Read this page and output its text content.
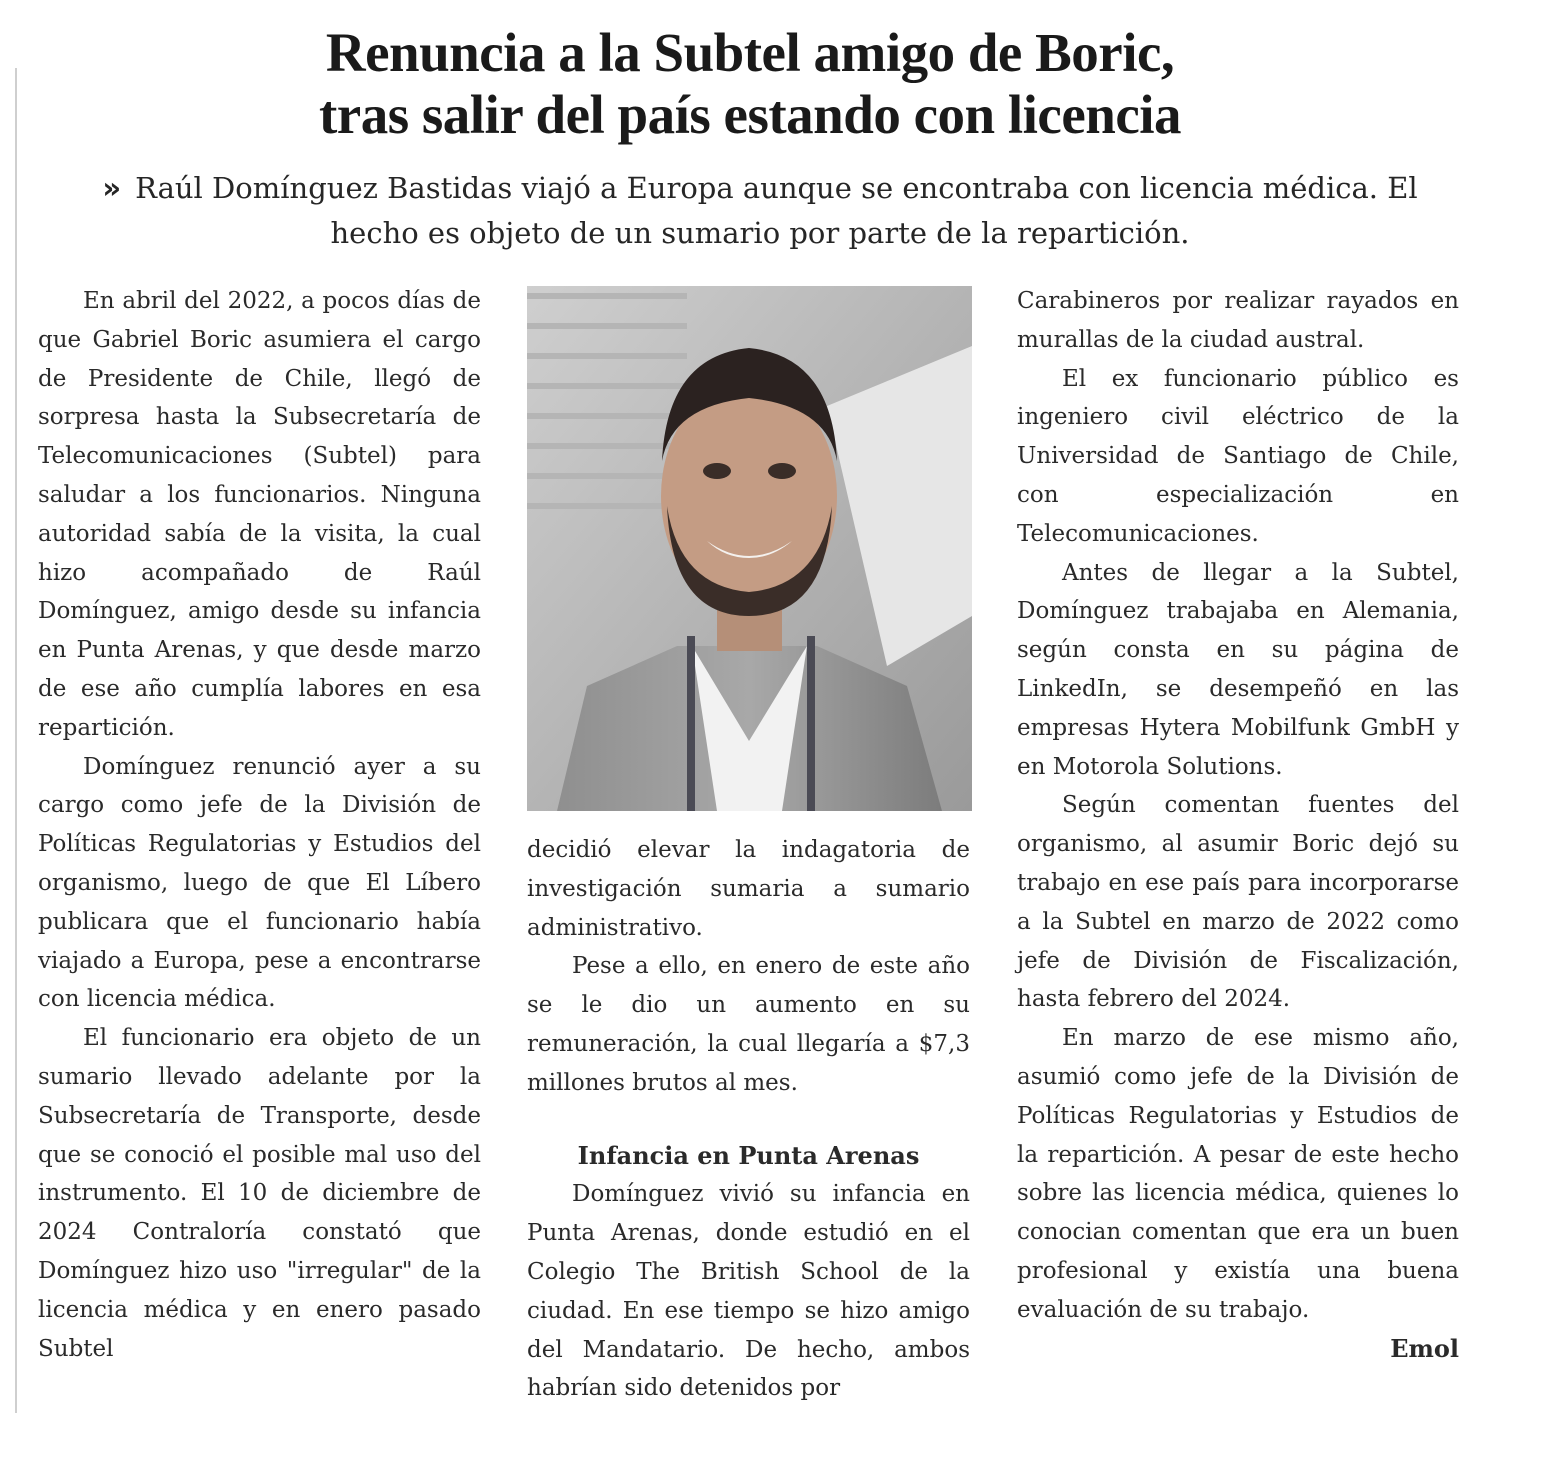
Renuncia a la Subtel amigo de Boric,
tras salir del país estando con licencia
» Raúl Domínguez Bastidas viajó a Europa aunque se encontraba con licencia médica. El hecho es objeto de un sumario por parte de la repartición.

En abril del 2022, a pocos días de que Gabriel Boric asumiera el cargo de Presidente de Chile, llegó de sorpresa hasta la Subsecretaría de Telecomunicaciones (Subtel) para saludar a los funcionarios. Ninguna autoridad sabía de la visita, la cual hizo acompañado de Raúl Domínguez, amigo desde su infancia en Punta Arenas, y que desde marzo de ese año cumplía labores en esa repartición.

Domínguez renunció ayer a su cargo como jefe de la División de Políticas Regulatorias y Estudios del organismo, luego de que El Líbero publicara que el funcionario había viajado a Europa, pese a encontrarse con licencia médica.

El funcionario era objeto de un sumario llevado adelante por la Subsecretaría de Transporte, desde que se conoció el posible mal uso del instrumento. El 10 de diciembre de 2024 Contraloría constató que Domínguez hizo uso "irregular" de la licencia médica y en enero pasado Subtel

decidió elevar la indagatoria de investigación sumaria a sumario administrativo.

Pese a ello, en enero de este año se le dio un aumento en su remuneración, la cual llegaría a $7,3 millones brutos al mes.

Infancia en Punta Arenas

Domínguez vivió su infancia en Punta Arenas, donde estudió en el Colegio The British School de la ciudad. En ese tiempo se hizo amigo del Mandatario. De hecho, ambos habrían sido detenidos por

Carabineros por realizar rayados en murallas de la ciudad austral.

El ex funcionario público es ingeniero civil eléctrico de la Universidad de Santiago de Chile, con especialización en Telecomunicaciones.

Antes de llegar a la Subtel, Domínguez trabajaba en Alemania, según consta en su página de LinkedIn, se desempeñó en las empresas Hytera Mobilfunk GmbH y en Motorola Solutions.

Según comentan fuentes del organismo, al asumir Boric dejó su trabajo en ese país para incorporarse a la Subtel en marzo de 2022 como jefe de División de Fiscalización, hasta febrero del 2024.

En marzo de ese mismo año, asumió como jefe de la División de Políticas Regulatorias y Estudios de la repartición. A pesar de este hecho sobre las licencia médica, quienes lo conocian comentan que era un buen profesional y existía una buena evaluación de su trabajo.

Emol
